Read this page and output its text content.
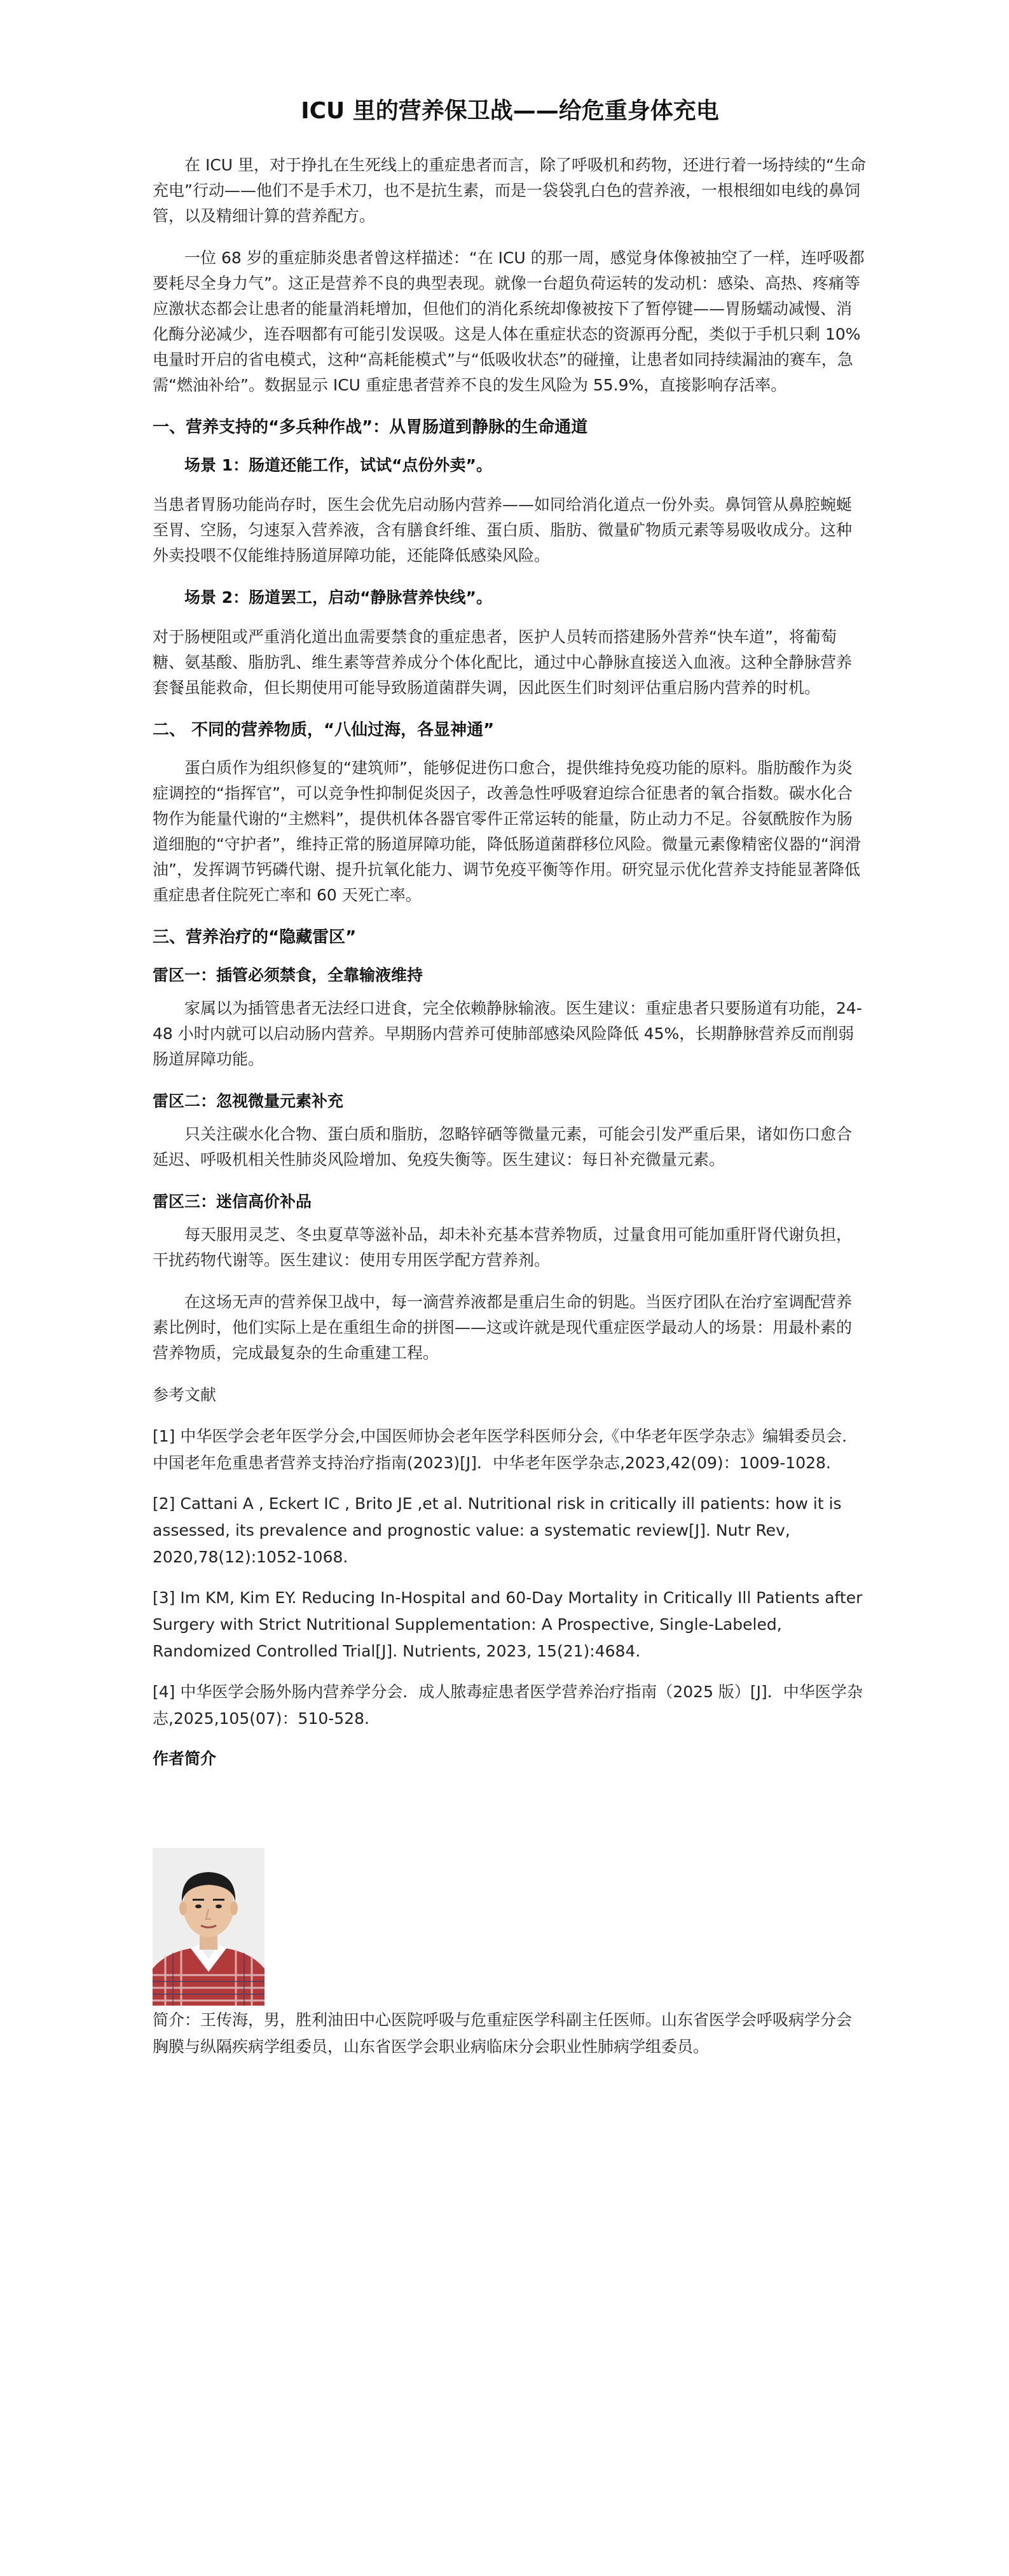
ICU 里的营养保卫战——给危重身体充电

在 ICU 里，对于挣扎在生死线上的重症患者而言，除了呼吸机和药物，还进行着一场持续的“生命充电”行动——他们不是手术刀，也不是抗生素，而是一袋袋乳白色的营养液，一根根细如电线的鼻饲管，以及精细计算的营养配方。

一位 68 岁的重症肺炎患者曾这样描述：“在 ICU 的那一周，感觉身体像被抽空了一样，连呼吸都要耗尽全身力气”。这正是营养不良的典型表现。就像一台超负荷运转的发动机：感染、高热、疼痛等应激状态都会让患者的能量消耗增加，但他们的消化系统却像被按下了暂停键——胃肠蠕动减慢、消化酶分泌减少，连吞咽都有可能引发误吸。这是人体在重症状态的资源再分配，类似于手机只剩 10%电量时开启的省电模式，这种“高耗能模式”与“低吸收状态”的碰撞，让患者如同持续漏油的赛车，急需“燃油补给”。数据显示 ICU 重症患者营养不良的发生风险为 55.9%，直接影响存活率。

一、营养支持的“多兵种作战”：从胃肠道到静脉的生命通道
场景 1：肠道还能工作，试试“点份外卖”。

当患者胃肠功能尚存时，医生会优先启动肠内营养——如同给消化道点一份外卖。鼻饲管从鼻腔蜿蜒至胃、空肠，匀速泵入营养液，含有膳食纤维、蛋白质、脂肪、微量矿物质元素等易吸收成分。这种外卖投喂不仅能维持肠道屏障功能，还能降低感染风险。

场景 2：肠道罢工，启动“静脉营养快线”。

对于肠梗阻或严重消化道出血需要禁食的重症患者，医护人员转而搭建肠外营养“快车道”，将葡萄糖、氨基酸、脂肪乳、维生素等营养成分个体化配比，通过中心静脉直接送入血液。这种全静脉营养套餐虽能救命，但长期使用可能导致肠道菌群失调，因此医生们时刻评估重启肠内营养的时机。

二、 不同的营养物质，“八仙过海，各显神通”

蛋白质作为组织修复的“建筑师”，能够促进伤口愈合，提供维持免疫功能的原料。脂肪酸作为炎症调控的“指挥官”，可以竞争性抑制促炎因子，改善急性呼吸窘迫综合征患者的氧合指数。碳水化合物作为能量代谢的“主燃料”，提供机体各器官零件正常运转的能量，防止动力不足。谷氨酰胺作为肠道细胞的“守护者”，维持正常的肠道屏障功能，降低肠道菌群移位风险。微量元素像精密仪器的“润滑油”，发挥调节钙磷代谢、提升抗氧化能力、调节免疫平衡等作用。研究显示优化营养支持能显著降低重症患者住院死亡率和 60 天死亡率。

三、营养治疗的“隐藏雷区”
雷区一：插管必须禁食，全靠输液维持

家属以为插管患者无法经口进食，完全依赖静脉输液。医生建议：重症患者只要肠道有功能，24-48 小时内就可以启动肠内营养。早期肠内营养可使肺部感染风险降低 45%，长期静脉营养反而削弱肠道屏障功能。

雷区二：忽视微量元素补充

只关注碳水化合物、蛋白质和脂肪，忽略锌硒等微量元素，可能会引发严重后果，诸如伤口愈合延迟、呼吸机相关性肺炎风险增加、免疫失衡等。医生建议：每日补充微量元素。

雷区三：迷信高价补品

每天服用灵芝、冬虫夏草等滋补品，却未补充基本营养物质，过量食用可能加重肝肾代谢负担，干扰药物代谢等。医生建议：使用专用医学配方营养剂。

在这场无声的营养保卫战中，每一滴营养液都是重启生命的钥匙。当医疗团队在治疗室调配营养素比例时，他们实际上是在重组生命的拼图——这或许就是现代重症医学最动人的场景：用最朴素的营养物质，完成最复杂的生命重建工程。

参考文献
[1] 中华医学会老年医学分会,中国医师协会老年医学科医师分会,《中华老年医学杂志》编辑委员会．中国老年危重患者营养支持治疗指南(2023)[J]．中华老年医学杂志,2023,42(09)：1009-1028.
[2] Cattani A , Eckert IC , Brito JE ,et al. Nutritional risk in critically ill patients: how it is assessed, its prevalence and prognostic value: a systematic review[J]. Nutr Rev, 2020,78(12):1052-1068.
[3] Im KM, Kim EY. Reducing In-Hospital and 60-Day Mortality in Critically Ill Patients after Surgery with Strict Nutritional Supplementation: A Prospective, Single-Labeled, Randomized Controlled Trial[J]. Nutrients, 2023, 15(21):4684.
[4] 中华医学会肠外肠内营养学分会．成人脓毒症患者医学营养治疗指南（2025 版）[J]．中华医学杂志,2025,105(07)：510-528.
作者简介

简介：王传海，男，胜利油田中心医院呼吸与危重症医学科副主任医师。山东省医学会呼吸病学分会胸膜与纵隔疾病学组委员，山东省医学会职业病临床分会职业性肺病学组委员。
